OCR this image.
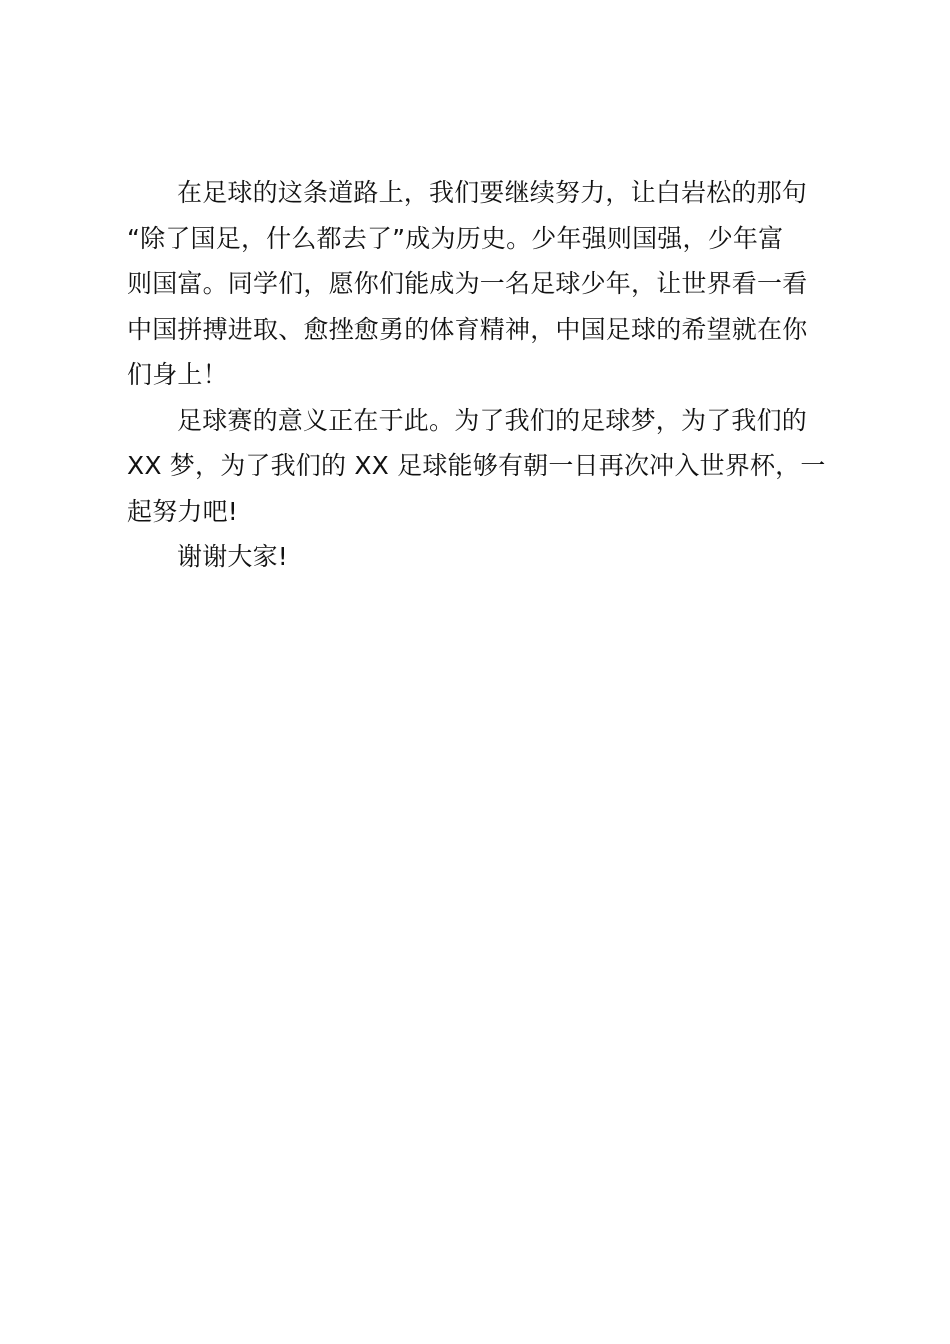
在足球的这条道路上，我们要继续努力，让白岩松的那句
“除了国足，什么都去了”成为历史。少年强则国强，少年富
则国富。同学们，愿你们能成为一名足球少年，让世界看一看
中国拼搏进取、愈挫愈勇的体育精神，中国足球的希望就在你
们身上！

足球赛的意义正在于此。为了我们的足球梦，为了我们的
XX 梦，为了我们的 XX 足球能够有朝一日再次冲入世界杯，一
起努力吧!

谢谢大家!
